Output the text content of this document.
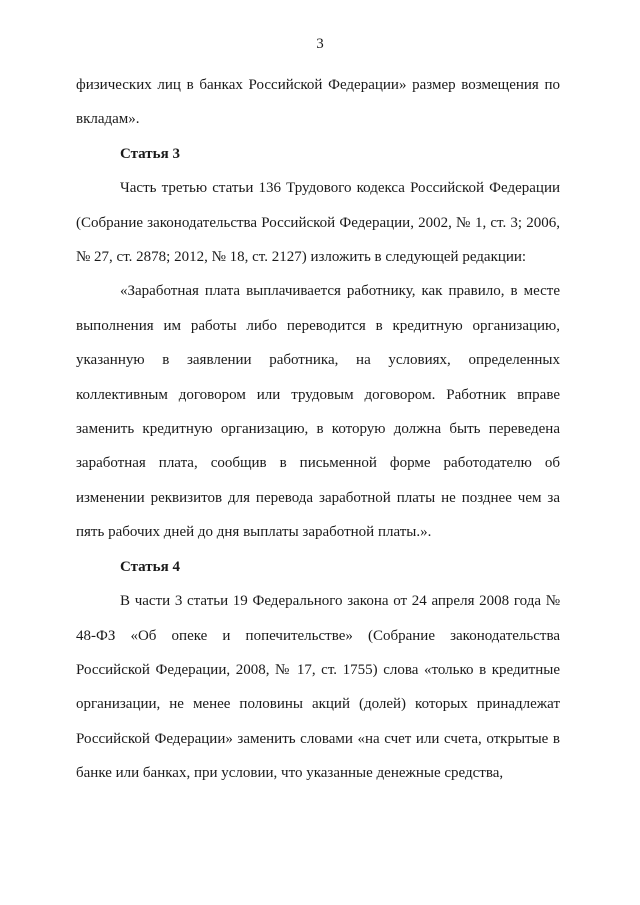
3

физических лиц в банках Российской Федерации» размер возмещения по вкладам».

Статья 3

Часть третью статьи 136 Трудового кодекса Российской Федерации (Собрание законодательства Российской Федерации, 2002, № 1, ст. 3; 2006, № 27, ст. 2878; 2012, № 18, ст. 2127) изложить в следующей редакции:

«Заработная плата выплачивается работнику, как правило, в месте выполнения им работы либо переводится в кредитную организацию, указанную в заявлении работника, на условиях, определенных коллективным договором или трудовым договором. Работник вправе заменить кредитную организацию, в которую должна быть переведена заработная плата, сообщив в письменной форме работодателю об изменении реквизитов для перевода заработной платы не позднее чем за пять рабочих дней до дня выплаты заработной платы.».

Статья 4

В части 3 статьи 19 Федерального закона от 24 апреля 2008 года № 48-ФЗ «Об опеке и попечительстве» (Собрание законодательства Российской Федерации, 2008, № 17, ст. 1755) слова «только в кредитные организации, не менее половины акций (долей) которых принадлежат Российской Федерации» заменить словами «на счет или счета, открытые в банке или банках, при условии, что указанные денежные средства,
